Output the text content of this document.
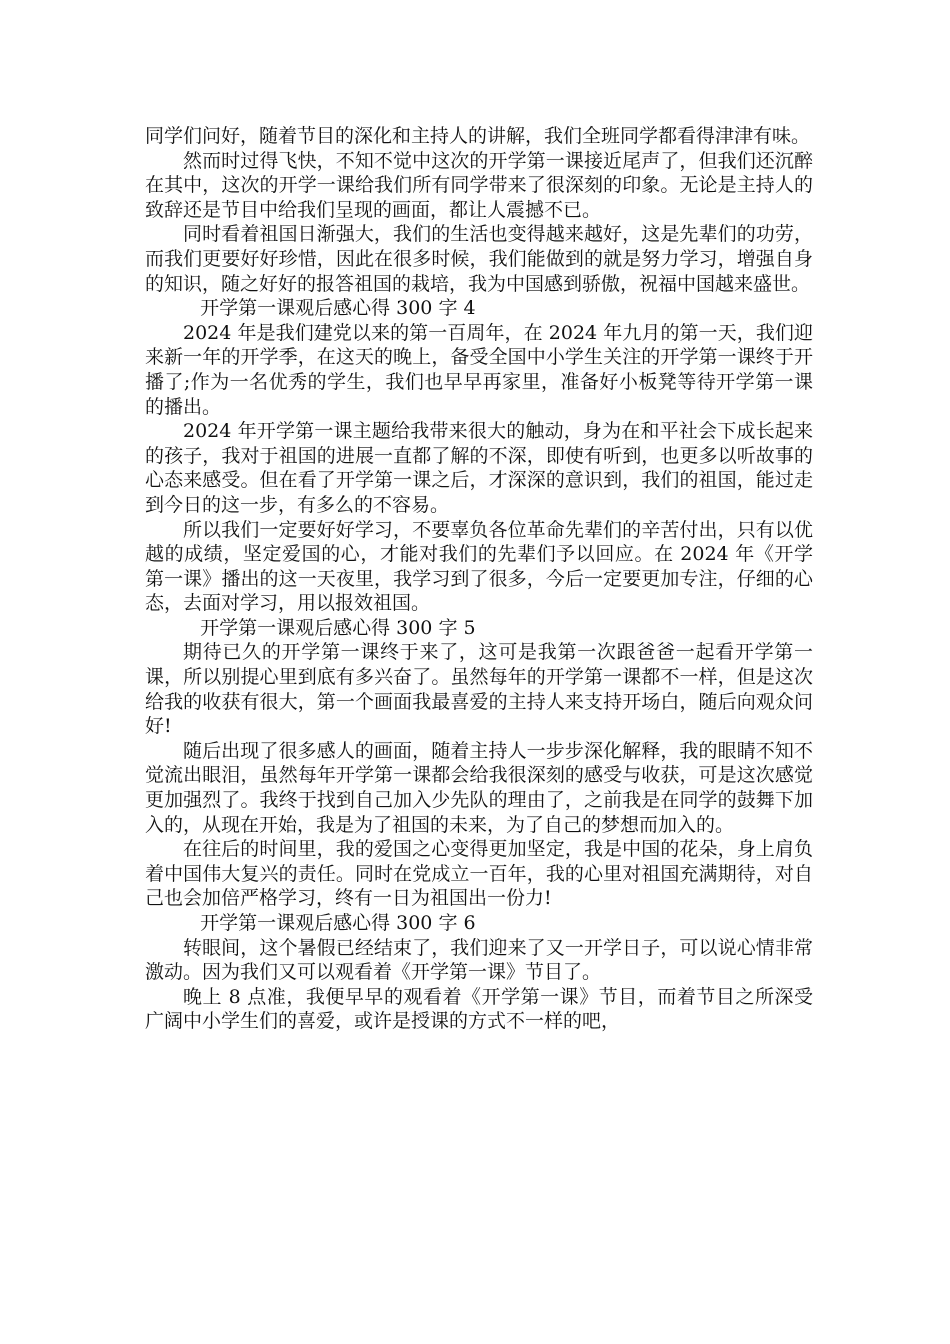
同学们问好，随着节目的深化和主持人的讲解，我们全班同学都看得津津有味。

然而时过得飞快，不知不觉中这次的开学第一课接近尾声了，但我们还沉醉在其中，这次的开学一课给我们所有同学带来了很深刻的印象。无论是主持人的致辞还是节目中给我们呈现的画面，都让人震撼不已。

同时看着祖国日渐强大，我们的生活也变得越来越好，这是先辈们的功劳，而我们更要好好珍惜，因此在很多时候，我们能做到的就是努力学习，增强自身的知识，随之好好的报答祖国的栽培，我为中国感到骄傲，祝福中国越来盛世。

开学第一课观后感心得 300 字 4

2024 年是我们建党以来的第一百周年，在 2024 年九月的第一天，我们迎来新一年的开学季，在这天的晚上，备受全国中小学生关注的开学第一课终于开播了;作为一名优秀的学生，我们也早早再家里，准备好小板凳等待开学第一课的播出。

2024 年开学第一课主题给我带来很大的触动，身为在和平社会下成长起来的孩子，我对于祖国的进展一直都了解的不深，即使有听到，也更多以听故事的心态来感受。但在看了开学第一课之后，才深深的意识到，我们的祖国，能过走到今日的这一步，有多么的不容易。

所以我们一定要好好学习，不要辜负各位革命先辈们的辛苦付出，只有以优越的成绩，坚定爱国的心，才能对我们的先辈们予以回应。在 2024 年《开学第一课》播出的这一天夜里，我学习到了很多，今后一定要更加专注，仔细的心态，去面对学习，用以报效祖国。

开学第一课观后感心得 300 字 5

期待已久的开学第一课终于来了，这可是我第一次跟爸爸一起看开学第一课，所以别提心里到底有多兴奋了。虽然每年的开学第一课都不一样，但是这次给我的收获有很大，第一个画面我最喜爱的主持人来支持开场白，随后向观众问好!

随后出现了很多感人的画面，随着主持人一步步深化解释，我的眼睛不知不觉流出眼泪，虽然每年开学第一课都会给我很深刻的感受与收获，可是这次感觉更加强烈了。我终于找到自己加入少先队的理由了，之前我是在同学的鼓舞下加入的，从现在开始，我是为了祖国的未来，为了自己的梦想而加入的。

在往后的时间里，我的爱国之心变得更加坚定，我是中国的花朵，身上肩负着中国伟大复兴的责任。同时在党成立一百年，我的心里对祖国充满期待，对自己也会加倍严格学习，终有一日为祖国出一份力!

开学第一课观后感心得 300 字 6

转眼间，这个暑假已经结束了，我们迎来了又一开学日子，可以说心情非常激动。因为我们又可以观看着《开学第一课》节目了。

晚上 8 点准，我便早早的观看着《开学第一课》节目，而着节目之所深受广阔中小学生们的喜爱，或许是授课的方式不一样的吧，
